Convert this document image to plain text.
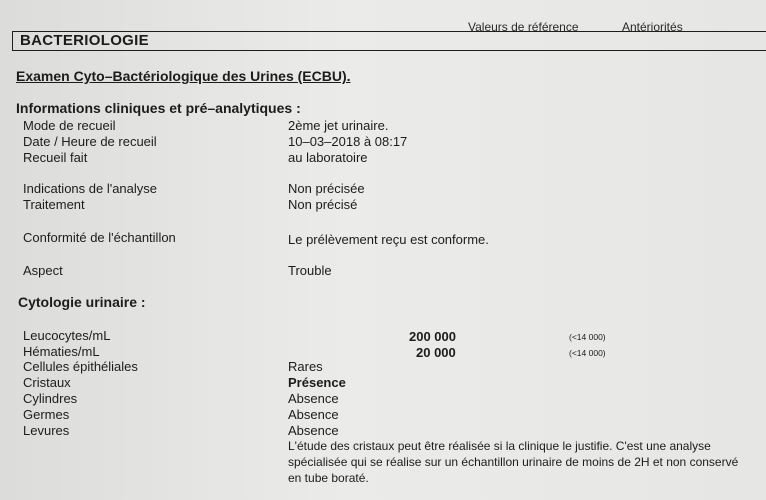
Valeurs de référence	Antériorités
BACTERIOLOGIE
Examen Cyto–Bactériologique des Urines (ECBU).
Informations cliniques et pré–analytiques :
Mode de recueil	2ème jet urinaire.
Date / Heure de recueil	10–03–2018 à 08:17
Recueil fait	au laboratoire
Indications de l'analyse	Non précisée
Traitement	Non précisé
Conformité de l'échantillon	Le prélèvement reçu est conforme.
Aspect	Trouble
Cytologie urinaire :
Leucocytes/mL	200 000	(<14 000)
Hématies/mL	20 000	(<14 000)
Cellules épithéliales	Rares
Cristaux	Présence
Cylindres	Absence
Germes	Absence
Levures	Absence
L'étude des cristaux peut être réalisée si la clinique le justifie. C'est une analyse spécialisée qui se réalise sur un échantillon urinaire de moins de 2H et non conservé en tube boraté.
